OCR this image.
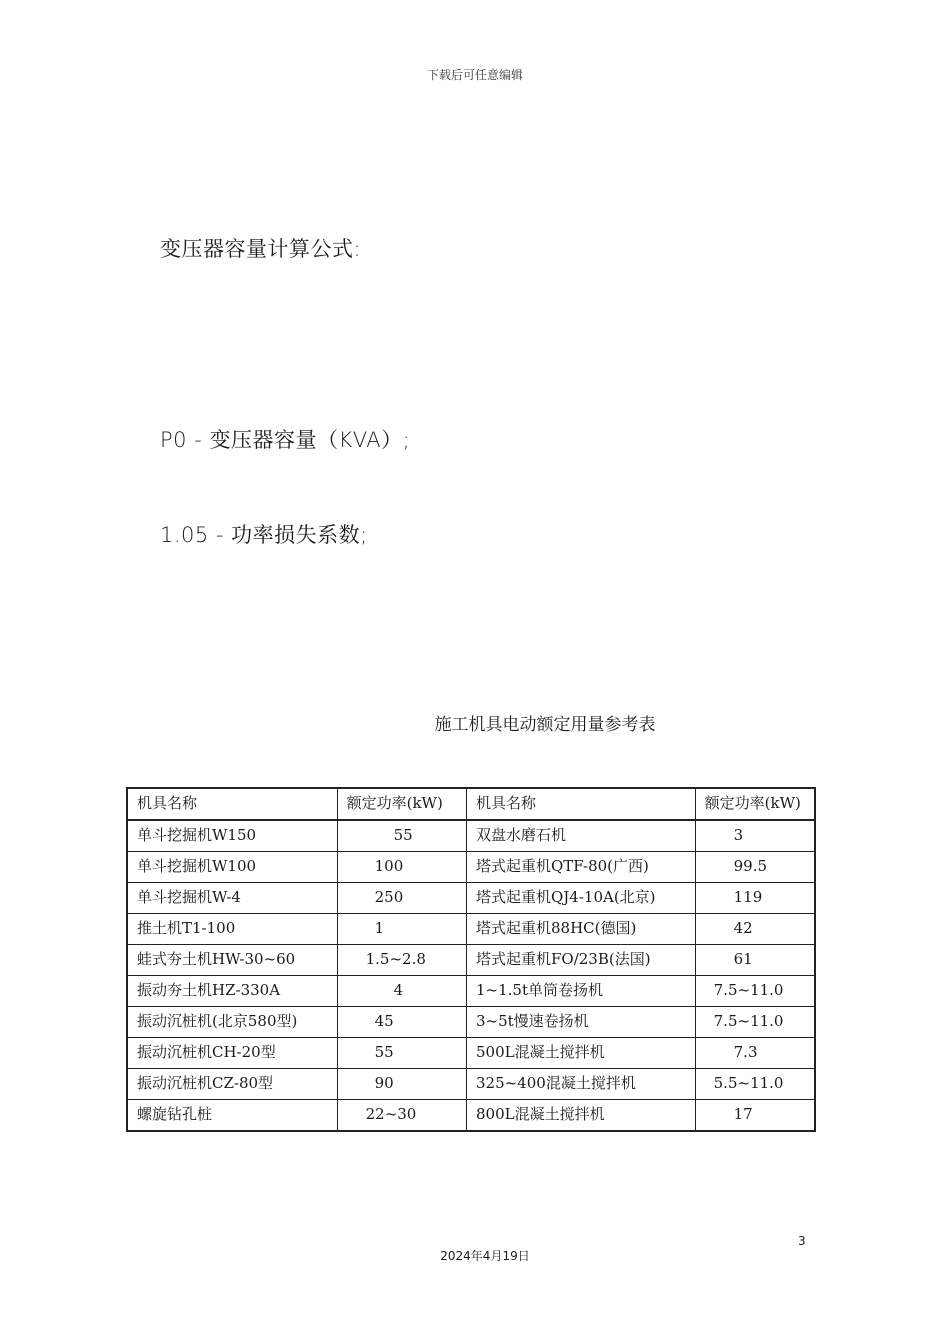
下载后可任意编辑
变压器容量计算公式:
P0 - 变压器容量（KVA）;
1.05 - 功率损失系数;
施工机具电动额定用量参考表
机具名称	额定功率(kW)	机具名称	额定功率(kW)
单斗挖掘机W150	55	双盘水磨石机	3
单斗挖掘机W100	100	塔式起重机QTF-80(广西)	99.5
单斗挖掘机W-4	250	塔式起重机QJ4-10A(北京)	119
推土机T1-100	1	塔式起重机88HC(德国)	42
蛙式夯土机HW-30~60	1.5~2.8	塔式起重机FO/23B(法国)	61
振动夯土机HZ-330A	4	1~1.5t单筒卷扬机	7.5~11.0
振动沉桩机(北京580型)	45	3~5t慢速卷扬机	7.5~11.0
振动沉桩机CH-20型	55	500L混凝土搅拌机	7.3
振动沉桩机CZ-80型	90	325~400混凝土搅拌机	5.5~11.0
螺旋钻孔桩	22~30	800L混凝土搅拌机	17
3
2024年4月19日
